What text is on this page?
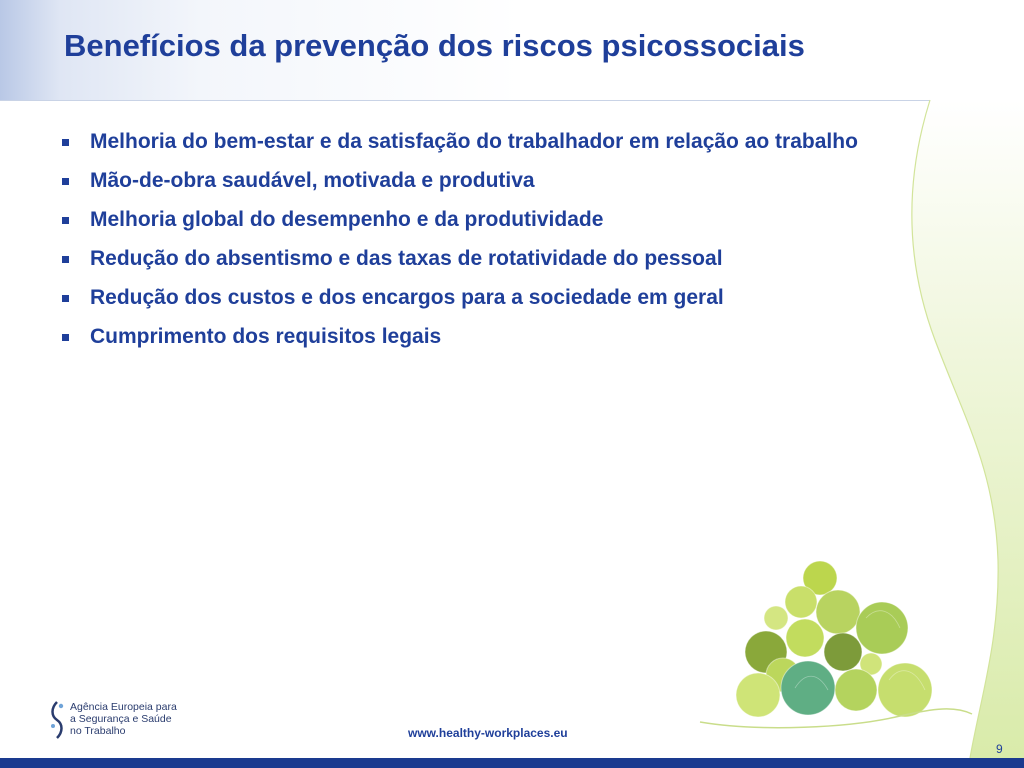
Benefícios da prevenção dos riscos psicossociais
Melhoria do bem-estar e da satisfação do trabalhador em relação ao trabalho
Mão-de-obra saudável, motivada e produtiva
Melhoria global do desempenho e da produtividade
Redução do absentismo e das taxas de rotatividade do pessoal
Redução dos custos e dos encargos para a sociedade em geral
Cumprimento dos requisitos legais
Agência Europeia para
a Segurança e Saúde
no Trabalho	www.healthy-workplaces.eu
9
